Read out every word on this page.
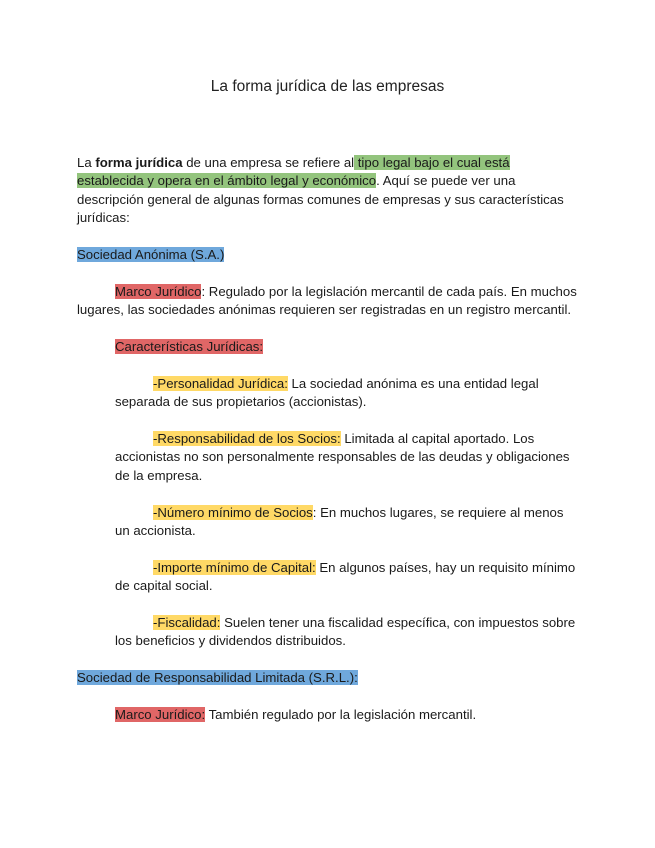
La forma jurídica de las empresas

La forma jurídica de una empresa se refiere al tipo legal bajo el cual está establecida y opera en el ámbito legal y económico. Aquí se puede ver una descripción general de algunas formas comunes de empresas y sus características jurídicas:

Sociedad Anónima (S.A.)

Marco Jurídico: Regulado por la legislación mercantil de cada país. En muchos lugares, las sociedades anónimas requieren ser registradas en un registro mercantil.

Características Jurídicas:

-Personalidad Jurídica: La sociedad anónima es una entidad legal separada de sus propietarios (accionistas).

-Responsabilidad de los Socios: Limitada al capital aportado. Los accionistas no son personalmente responsables de las deudas y obligaciones de la empresa.

-Número mínimo de Socios: En muchos lugares, se requiere al menos un accionista.

-Importe mínimo de Capital: En algunos países, hay un requisito mínimo de capital social.

-Fiscalidad: Suelen tener una fiscalidad específica, con impuestos sobre los beneficios y dividendos distribuidos.

Sociedad de Responsabilidad Limitada (S.R.L.):

Marco Jurídico: También regulado por la legislación mercantil.
